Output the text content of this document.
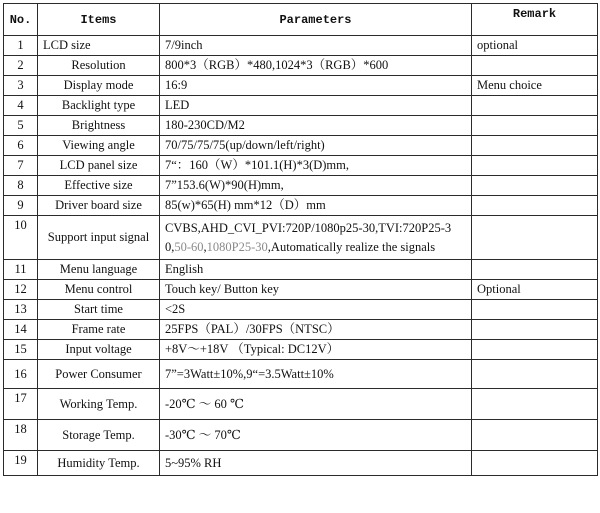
No.	Items	Parameters	Remark
1	LCD size	7/9inch	optional
2	Resolution	800*3（RGB）*480,1024*3（RGB）*600	
3	Display mode	16:9	Menu choice
4	Backlight type	LED	
5	Brightness	180-230CD/M2	
6	Viewing angle	70/75/75/75(up/down/left/right)	
7	LCD panel size	7“：160（W）*101.1(H)*3(D)mm,	
8	Effective size	7”153.6(W)*90(H)mm,	
9	Driver board size	85(w)*65(H) mm*12（D）mm	
10	Support input signal	CVBS,AHD_CVI_PVI:720P/1080p25-30,TVI:720P25-3
0,50-60,1080P25-30,Automatically realize the signals	
11	Menu language	English	
12	Menu control	Touch key/ Button key	Optional
13	Start time	<2S	
14	Frame rate	25FPS（PAL）/30FPS（NTSC）	
15	Input voltage	+8V～+18V （Typical: DC12V）	
16	Power Consumer	7”=3Watt±10%,9“=3.5Watt±10%	
17	Working Temp.	-20℃ ～ 60 ℃	
18	Storage Temp.	-30℃ ～ 70℃	
19	Humidity Temp.	5~95% RH	
